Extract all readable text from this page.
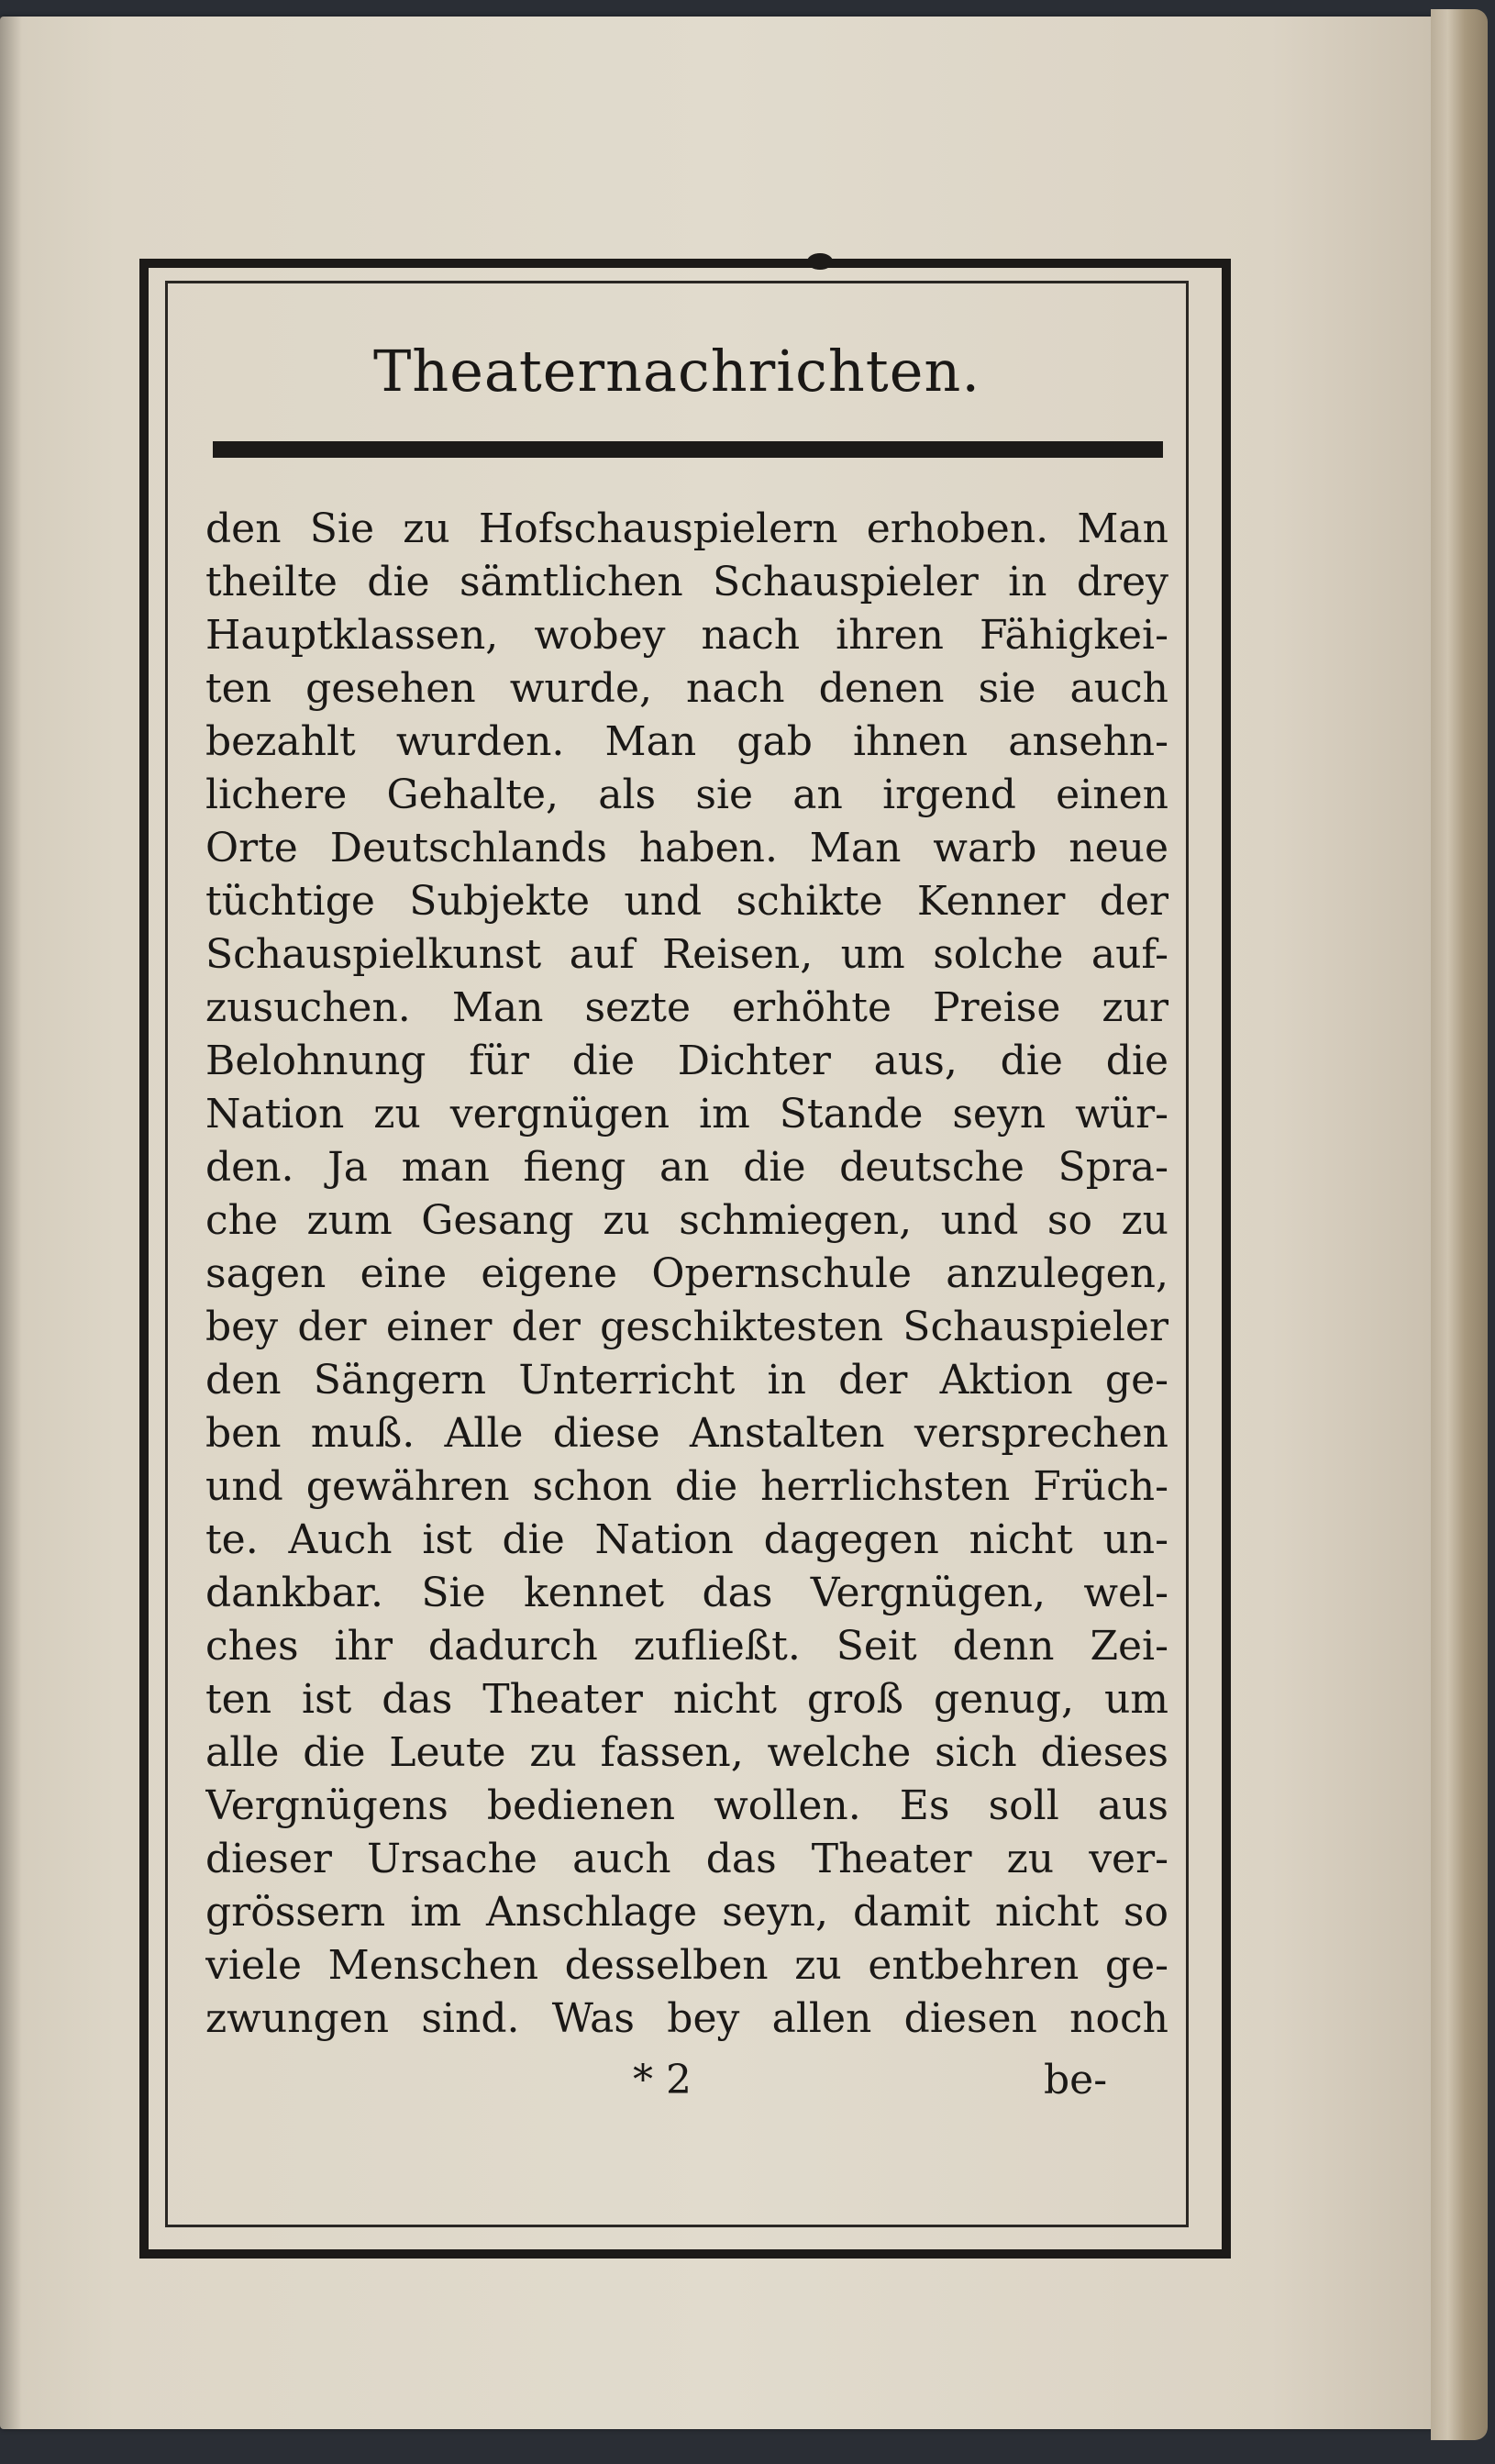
Theaternachrichten.
den Sie zu Hofschauspielern erhoben. Man
theilte die sämtlichen Schauspieler in drey
Hauptklassen, wobey nach ihren Fähigkei-
ten gesehen wurde, nach denen sie auch
bezahlt wurden. Man gab ihnen ansehn-
lichere Gehalte, als sie an irgend einen
Orte Deutschlands haben. Man warb neue
tüchtige Subjekte und schikte Kenner der
Schauspielkunst auf Reisen, um solche auf-
zusuchen. Man sezte erhöhte Preise zur
Belohnung für die Dichter aus, die die
Nation zu vergnügen im Stande seyn wür-
den. Ja man fieng an die deutsche Spra-
che zum Gesang zu schmiegen, und so zu
sagen eine eigene Opernschule anzulegen,
bey der einer der geschiktesten Schauspieler
den Sängern Unterricht in der Aktion ge-
ben muß. Alle diese Anstalten versprechen
und gewähren schon die herrlichsten Früch-
te. Auch ist die Nation dagegen nicht un-
dankbar. Sie kennet das Vergnügen, wel-
ches ihr dadurch zufließt. Seit denn Zei-
ten ist das Theater nicht groß genug, um
alle die Leute zu fassen, welche sich dieses
Vergnügens bedienen wollen. Es soll aus
dieser Ursache auch das Theater zu ver-
grössern im Anschlage seyn, damit nicht so
viele Menschen desselben zu entbehren ge-
zwungen sind. Was bey allen diesen noch
* 2	be-
